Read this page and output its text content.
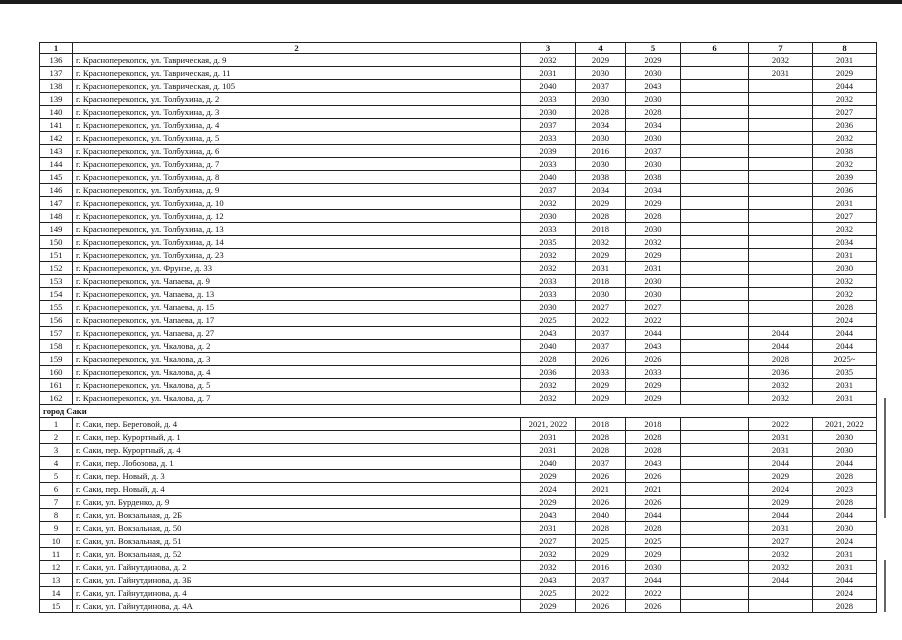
1	2	3	4	5	6	7	8
136	г. Красноперекопск, ул. Таврическая, д. 9	2032	2029	2029		2032	2031
137	г. Красноперекопск, ул. Таврическая, д. 11	2031	2030	2030		2031	2029
138	г. Красноперекопск, ул. Таврическая, д. 105	2040	2037	2043			2044
139	г. Красноперекопск, ул. Толбухина, д. 2	2033	2030	2030			2032
140	г. Красноперекопск, ул. Толбухина, д. 3	2030	2028	2028			2027
141	г. Красноперекопск, ул. Толбухина, д. 4	2037	2034	2034			2036
142	г. Красноперекопск, ул. Толбухина, д. 5	2033	2030	2030			2032
143	г. Красноперекопск, ул. Толбухина, д. 6	2039	2016	2037			2038
144	г. Красноперекопск, ул. Толбухина, д. 7	2033	2030	2030			2032
145	г. Красноперекопск, ул. Толбухина, д. 8	2040	2038	2038			2039
146	г. Красноперекопск, ул. Толбухина, д. 9	2037	2034	2034			2036
147	г. Красноперекопск, ул. Толбухина, д. 10	2032	2029	2029			2031
148	г. Красноперекопск, ул. Толбухина, д. 12	2030	2028	2028			2027
149	г. Красноперекопск, ул. Толбухина, д. 13	2033	2018	2030			2032
150	г. Красноперекопск, ул. Толбухина, д. 14	2035	2032	2032			2034
151	г. Красноперекопск, ул. Толбухина, д. 23	2032	2029	2029			2031
152	г. Красноперекопск, ул. Фрунзе, д. 33	2032	2031	2031			2030
153	г. Красноперекопск, ул. Чапаева, д. 9	2033	2018	2030			2032
154	г. Красноперекопск, ул. Чапаева, д. 13	2033	2030	2030			2032
155	г. Красноперекопск, ул. Чапаева, д. 15	2030	2027	2027			2028
156	г. Красноперекопск, ул. Чапаева, д. 17	2025	2022	2022			2024
157	г. Красноперекопск, ул. Чапаева, д. 27	2043	2037	2044		2044	2044
158	г. Красноперекопск, ул. Чкалова, д. 2	2040	2037	2043		2044	2044
159	г. Красноперекопск, ул. Чкалова, д. 3	2028	2026	2026		2028	2025~
160	г. Красноперекопск, ул. Чкалова, д. 4	2036	2033	2033		2036	2035
161	г. Красноперекопск, ул. Чкалова, д. 5	2032	2029	2029		2032	2031
162	г. Красноперекопск, ул. Чкалова, д. 7	2032	2029	2029		2032	2031
город Саки							
1	г. Саки, пер. Береговой, д. 4	2021, 2022	2018	2018		2022	2021, 2022
2	г. Саки, пер. Курортный, д. 1	2031	2028	2028		2031	2030
3	г. Саки, пер. Курортный, д. 4	2031	2028	2028		2031	2030
4	г. Саки, пер. Лобозова, д. 1	2040	2037	2043		2044	2044
5	г. Саки, пер. Новый, д. 3	2029	2026	2026		2029	2028
6	г. Саки, пер. Новый, д. 4	2024	2021	2021		2024	2023
7	г. Саки, ул. Бурденко, д. 9	2029	2026	2026		2029	2028
8	г. Саки, ул. Вокзальная, д. 2Б	2043	2040	2044		2044	2044
9	г. Саки, ул. Вокзальная, д. 50	2031	2028	2028		2031	2030
10	г. Саки, ул. Вокзальная, д. 51	2027	2025	2025		2027	2024
11	г. Саки, ул. Вокзальная, д. 52	2032	2029	2029		2032	2031
12	г. Саки, ул. Гайнутдинова, д. 2	2032	2016	2030		2032	2031
13	г. Саки, ул. Гайнутдинова, д. 3Б	2043	2037	2044		2044	2044
14	г. Саки, ул. Гайнутдинова, д. 4	2025	2022	2022			2024
15	г. Саки, ул. Гайнутдинова, д. 4А	2029	2026	2026			2028
